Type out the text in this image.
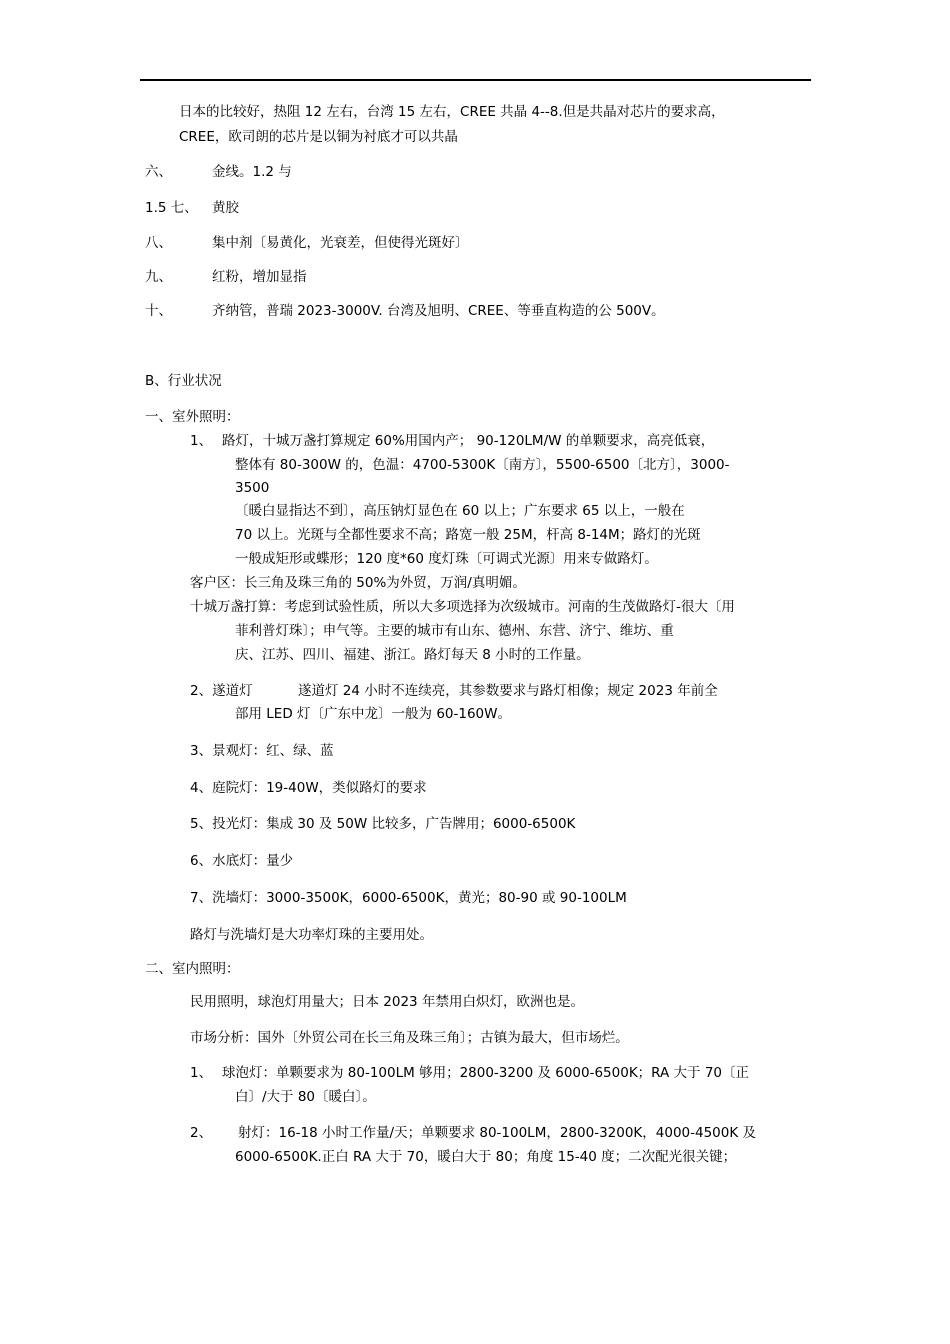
日本的比较好，热阻 12 左右，台湾 15 左右，CREE 共晶 4--8.但是共晶对芯片的要求高，
CREE，欧司朗的芯片是以铜为衬底才可以共晶
六、	金线。1.2 与
1.5 七、 黄胶
八、	集中剂〔易黄化，光衰差，但使得光斑好〕
九、	红粉，增加显指
十、	齐纳管，普瑞 2023-3000V. 台湾及旭明、CREE、等垂直构造的公 500V。
B、行业状况
一、室外照明：
1、 路灯，十城万盏打算规定 60%用国内产； 90-120LM/W 的单颗要求，高亮低衰，
整体有 80-300W 的，色温：4700-5300K〔南方〕，5500-6500〔北方〕，3000-
3500
〔暖白显指达不到〕，高压钠灯显色在 60 以上；广东要求 65 以上，一般在
70 以上。光斑与全都性要求不高；路宽一般 25M，杆高 8-14M；路灯的光斑
一般成矩形或蝶形；120 度*60 度灯珠〔可调式光源〕用来专做路灯。
客户区：长三角及珠三角的 50%为外贸，万润/真明媚。
十城万盏打算：考虑到试验性质，所以大多项选择为次级城市。河南的生茂做路灯-很大〔用
菲利普灯珠〕；申气等。主要的城市有山东、德州、东营、济宁、维坊、重
庆、江苏、四川、福建、浙江。路灯每天 8 小时的工作量。
2、遂道灯	遂道灯 24 小时不连续亮，其参数要求与路灯相像；规定 2023 年前全
部用 LED 灯〔广东中龙〕一般为 60-160W。
3、景观灯：红、绿、蓝
4、庭院灯：19-40W，类似路灯的要求
5、投光灯：集成 30 及 50W 比较多，广告牌用；6000-6500K
6、水底灯：量少
7、洗墙灯：3000-3500K，6000-6500K，黄光；80-90 或 90-100LM
路灯与洗墙灯是大功率灯珠的主要用处。
二、室内照明：
民用照明，球泡灯用量大；日本 2023 年禁用白炽灯，欧洲也是。
市场分析：国外〔外贸公司在长三角及珠三角〕；古镇为最大，但市场烂。
1、 球泡灯：单颗要求为 80-100LM 够用；2800-3200 及 6000-6500K；RA 大于 70〔正
白〕/大于 80〔暖白〕。
2、 射灯：16-18 小时工作量/天；单颗要求 80-100LM，2800-3200K，4000-4500K 及
6000-6500K.正白 RA 大于 70，暖白大于 80；角度 15-40 度；二次配光很关键；
